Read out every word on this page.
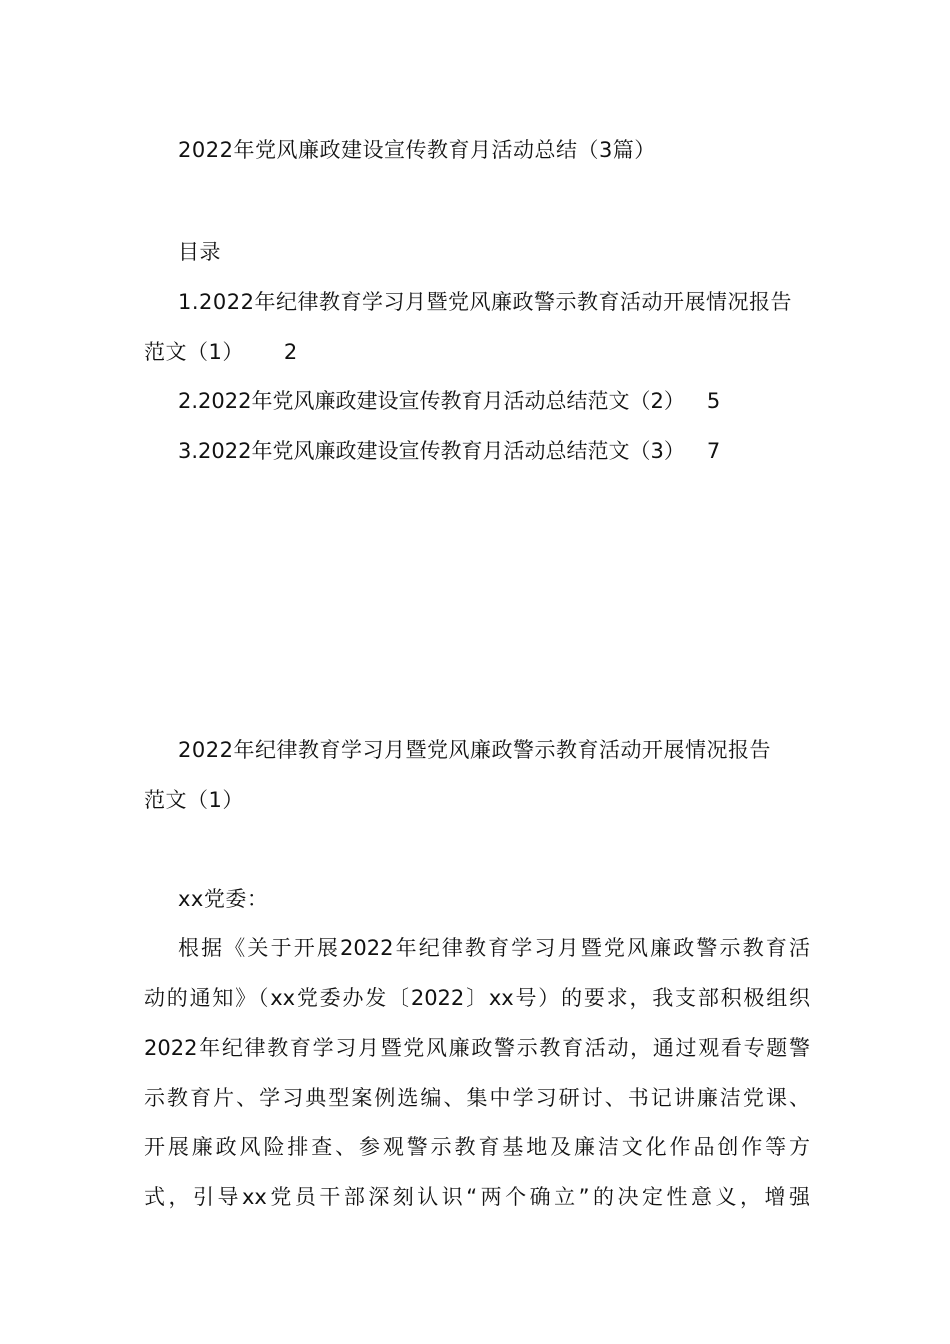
2022年党风廉政建设宣传教育月活动总结（3篇）
目录
1.2022年纪律教育学习月暨党风廉政警示教育活动开展情况报告
范文（1） 2
2.2022年党风廉政建设宣传教育月活动总结范文（2） 5
3.2022年党风廉政建设宣传教育月活动总结范文（3） 7
2022年纪律教育学习月暨党风廉政警示教育活动开展情况报告
范文（1）
xx党委：
根据《关于开展2022年纪律教育学习月暨党风廉政警示教育活
动的通知》（xx党委办发〔2022〕xx号）的要求，我支部积极组织
2022年纪律教育学习月暨党风廉政警示教育活动，通过观看专题警
示教育片、学习典型案例选编、集中学习研讨、书记讲廉洁党课、
开展廉政风险排查、参观警示教育基地及廉洁文化作品创作等方
式，引导xx党员干部深刻认识“两个确立”的决定性意义，增强
